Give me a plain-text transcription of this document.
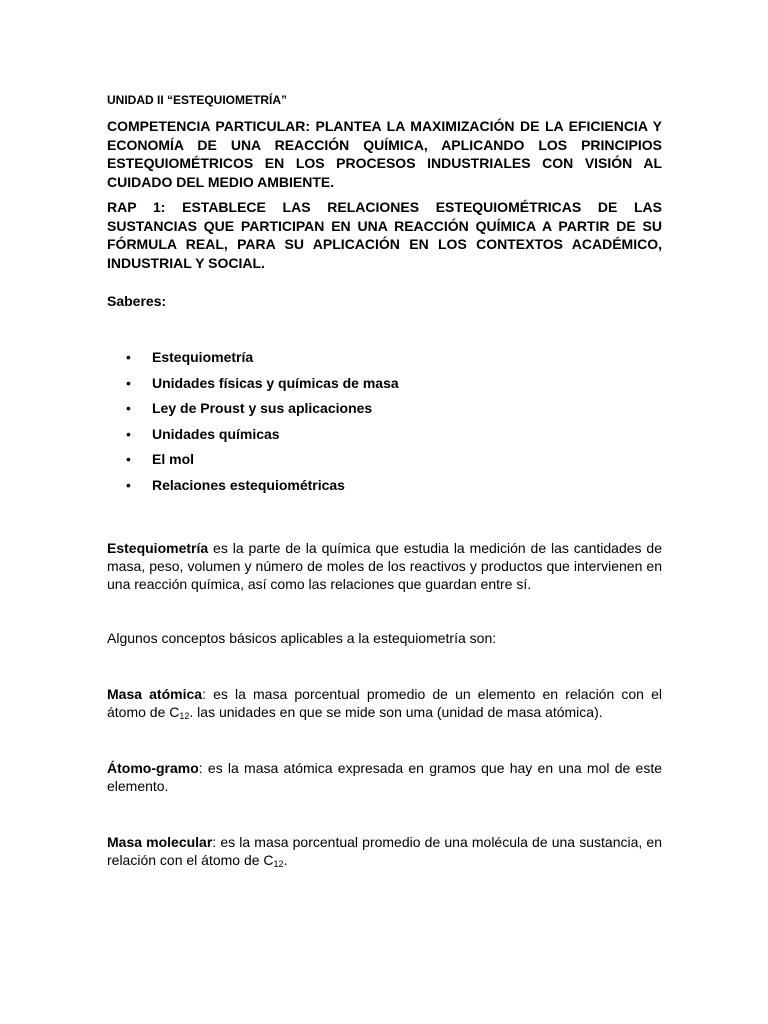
UNIDAD II “ESTEQUIOMETRÍA”

COMPETENCIA PARTICULAR: PLANTEA LA MAXIMIZACIÓN DE LA EFICIENCIA Y ECONOMÍA DE UNA REACCIÓN QUÍMICA, APLICANDO LOS PRINCIPIOS ESTEQUIOMÉTRICOS EN LOS PROCESOS INDUSTRIALES CON VISIÓN AL CUIDADO DEL MEDIO AMBIENTE.

RAP 1: ESTABLECE LAS RELACIONES ESTEQUIOMÉTRICAS DE LAS SUSTANCIAS QUE PARTICIPAN EN UNA REACCIÓN QUÍMICA A PARTIR DE SU FÓRMULA REAL, PARA SU APLICACIÓN EN LOS CONTEXTOS ACADÉMICO, INDUSTRIAL Y SOCIAL.

Saberes:
• Estequiometría
• Unidades físicas y químicas de masa
• Ley de Proust y sus aplicaciones
• Unidades químicas
• El mol
• Relaciones estequiométricas

Estequiometría es la parte de la química que estudia la medición de las cantidades de masa, peso, volumen y número de moles de los reactivos y productos que intervienen en una reacción química, así como las relaciones que guardan entre sí.

Algunos conceptos básicos aplicables a la estequiometría son:

Masa atómica: es la masa porcentual promedio de un elemento en relación con el átomo de $C_{12}$. las unidades en que se mide son uma (unidad de masa atómica).

Átomo-gramo: es la masa atómica expresada en gramos que hay en una mol de este elemento.

Masa molecular: es la masa porcentual promedio de una molécula de una sustancia, en relación con el átomo de $C_{12}$.
